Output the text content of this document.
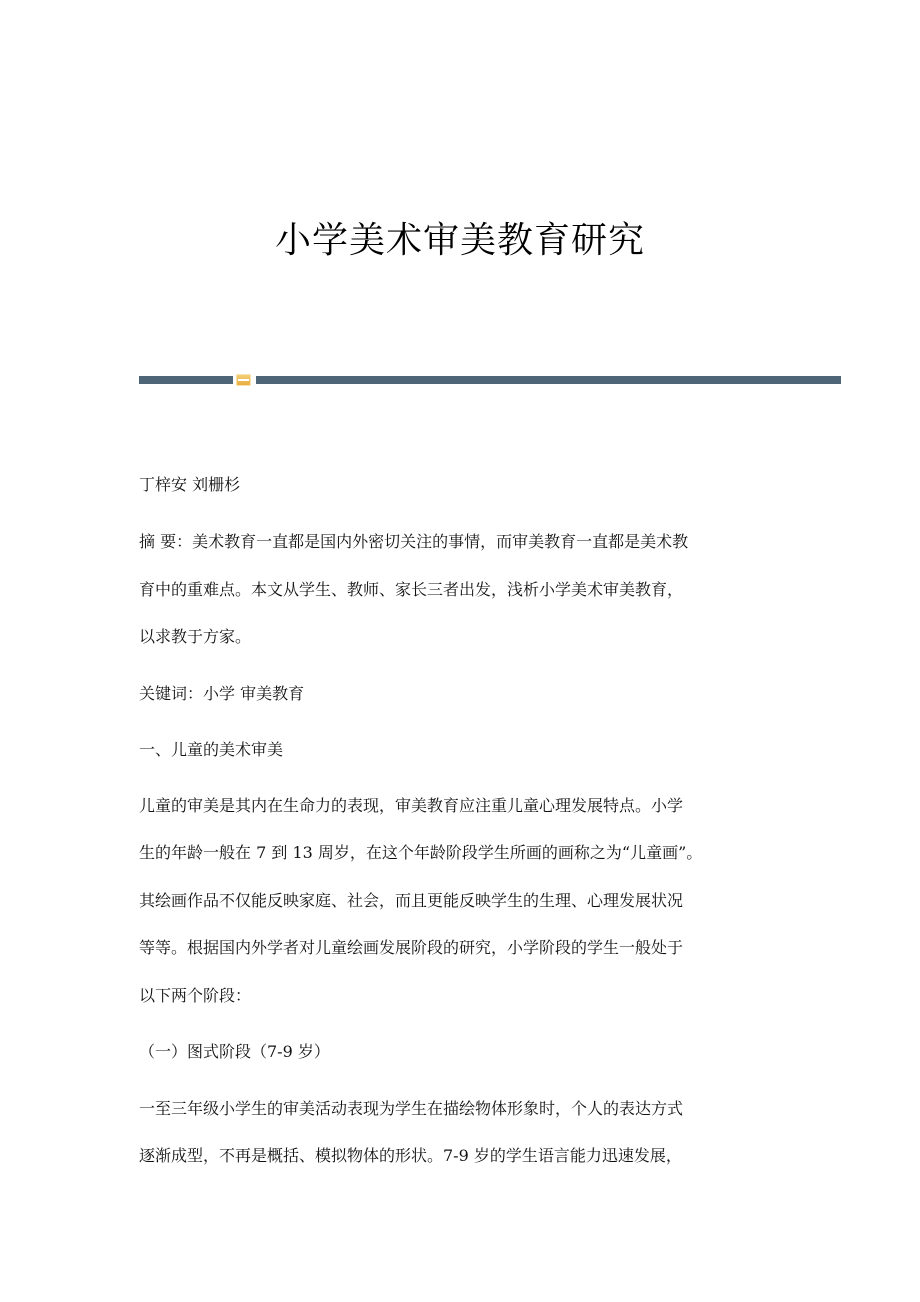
小学美术审美教育研究
丁梓安 刘栅杉
摘 要：美术教育一直都是国内外密切关注的事情，而审美教育一直都是美术教
育中的重难点。本文从学生、教师、家长三者出发，浅析小学美术审美教育，
以求教于方家。
关键词：小学 审美教育
一、儿童的美术审美
儿童的审美是其内在生命力的表现，审美教育应注重儿童心理发展特点。小学
生的年龄一般在 7 到 13 周岁，在这个年龄阶段学生所画的画称之为“儿童画”。
其绘画作品不仅能反映家庭、社会，而且更能反映学生的生理、心理发展状况
等等。根据国内外学者对儿童绘画发展阶段的研究，小学阶段的学生一般处于
以下两个阶段：
（一）图式阶段（7-9 岁）
一至三年级小学生的审美活动表现为学生在描绘物体形象时，个人的表达方式
逐渐成型，不再是概括、模拟物体的形状。7-9 岁的学生语言能力迅速发展，
